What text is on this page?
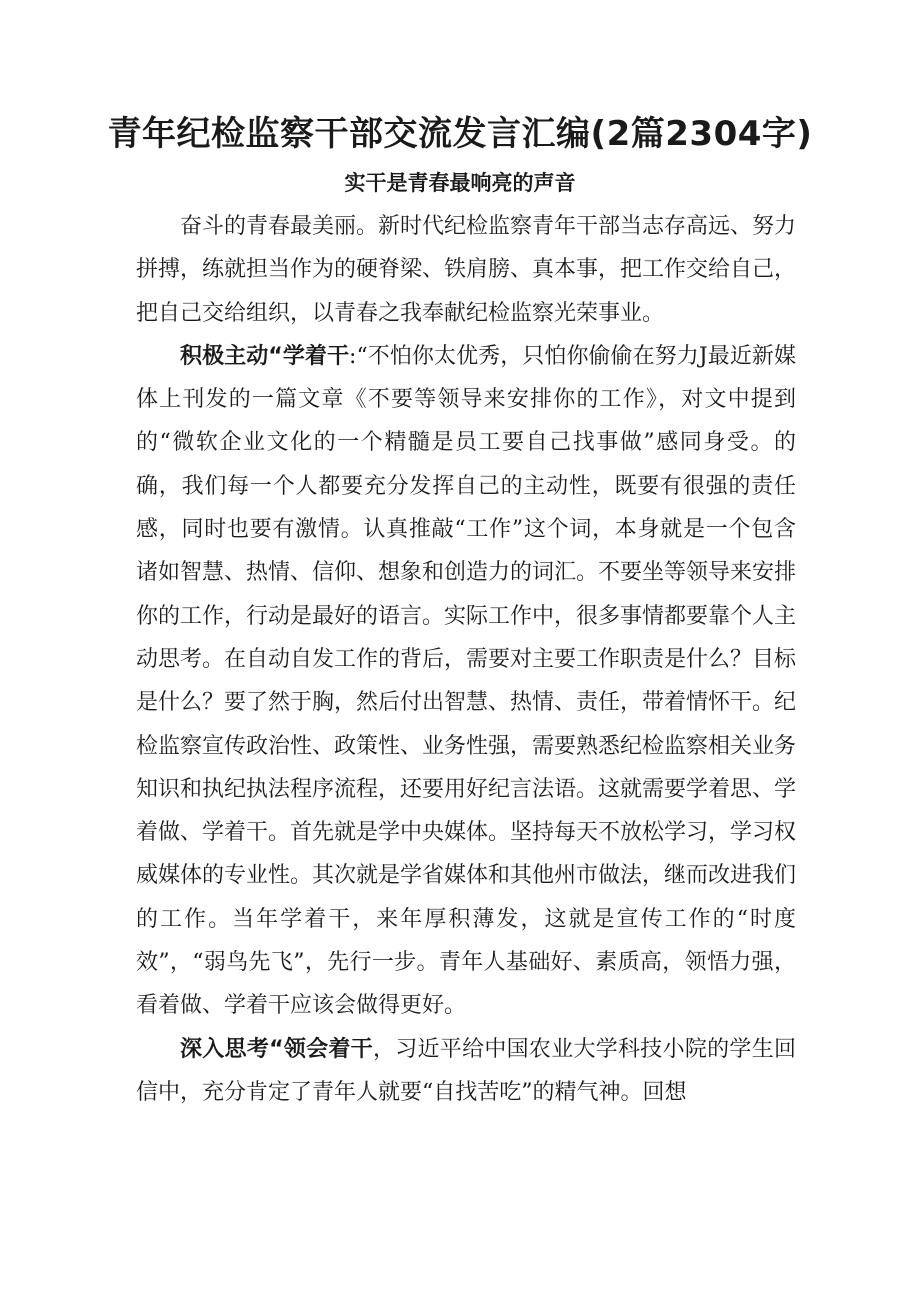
青年纪检监察干部交流发言汇编(2篇2304字)
实干是青春最响亮的声音

奋斗的青春最美丽。新时代纪检监察青年干部当志存高远、努力拼搏，练就担当作为的硬脊梁、铁肩膀、真本事，把工作交给自己，把自己交给组织，以青春之我奉献纪检监察光荣事业。

积极主动“学着干:“不怕你太优秀，只怕你偷偷在努力J最近新媒体上刊发的一篇文章《不要等领导来安排你的工作》，对文中提到的“微软企业文化的一个精髓是员工要自己找事做”感同身受。的确，我们每一个人都要充分发挥自己的主动性，既要有很强的责任感，同时也要有激情。认真推敲“工作”这个词，本身就是一个包含诸如智慧、热情、信仰、想象和创造力的词汇。不要坐等领导来安排你的工作，行动是最好的语言。实际工作中，很多事情都要靠个人主动思考。在自动自发工作的背后，需要对主要工作职责是什么？目标是什么？要了然于胸，然后付出智慧、热情、责任，带着情怀干。纪检监察宣传政治性、政策性、业务性强，需要熟悉纪检监察相关业务知识和执纪执法程序流程，还要用好纪言法语。这就需要学着思、学着做、学着干。首先就是学中央媒体。坚持每天不放松学习，学习权威媒体的专业性。其次就是学省媒体和其他州市做法，继而改进我们的工作。当年学着干，来年厚积薄发，这就是宣传工作的“时度效”，“弱鸟先飞”，先行一步。青年人基础好、素质高，领悟力强，看着做、学着干应该会做得更好。

深入思考“领会着干，习近平给中国农业大学科技小院的学生回信中，充分肯定了青年人就要“自找苦吃”的精气神。回想
